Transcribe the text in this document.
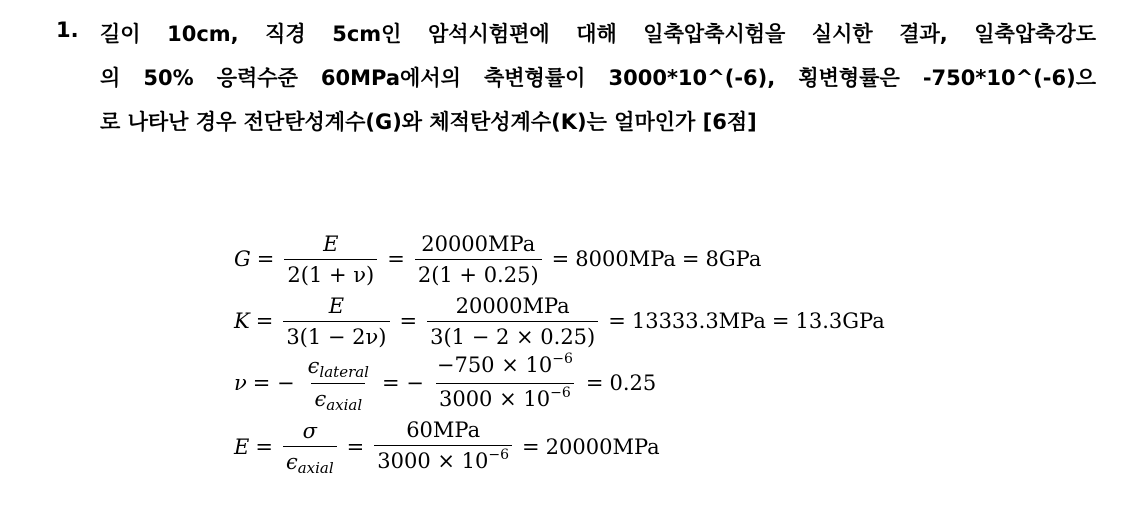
1. 길이 10cm, 직경 5cm인 암석시험편에 대해 일축압축시험을 실시한 결과, 일축압축강도
의 50% 응력수준 60MPa에서의 축변형률이 3000*10^(-6), 횡변형률은 -750*10^(-6)으
로 나타난 경우 전단탄성계수(G)와 체적탄성계수(K)는 얼마인가 [6점]
$G = \frac{E}{2(1 + \nu)} = \frac{\text{20000MPa}}{2(1 + 0.25)} = 8000MPa = 8GPa$
$K = \frac{E}{3(1 - 2\nu)} = \frac{\text{20000MPa}}{3(1 - 2 \times 0.25)} = 13333.3MPa = 13.3GPa$
ν = − $\frac{\text{ϵlateral}}{\text{ϵaxial}}$ = − $\frac{-750 \times 10^{-6}}{3000 \times 10^{-6}} = 0.25$
$E = \frac{\sigma}{\text{ϵaxial}} = \frac{\text{60MPa}}{3000 \times 10^{-6}} = 20000MPa$
